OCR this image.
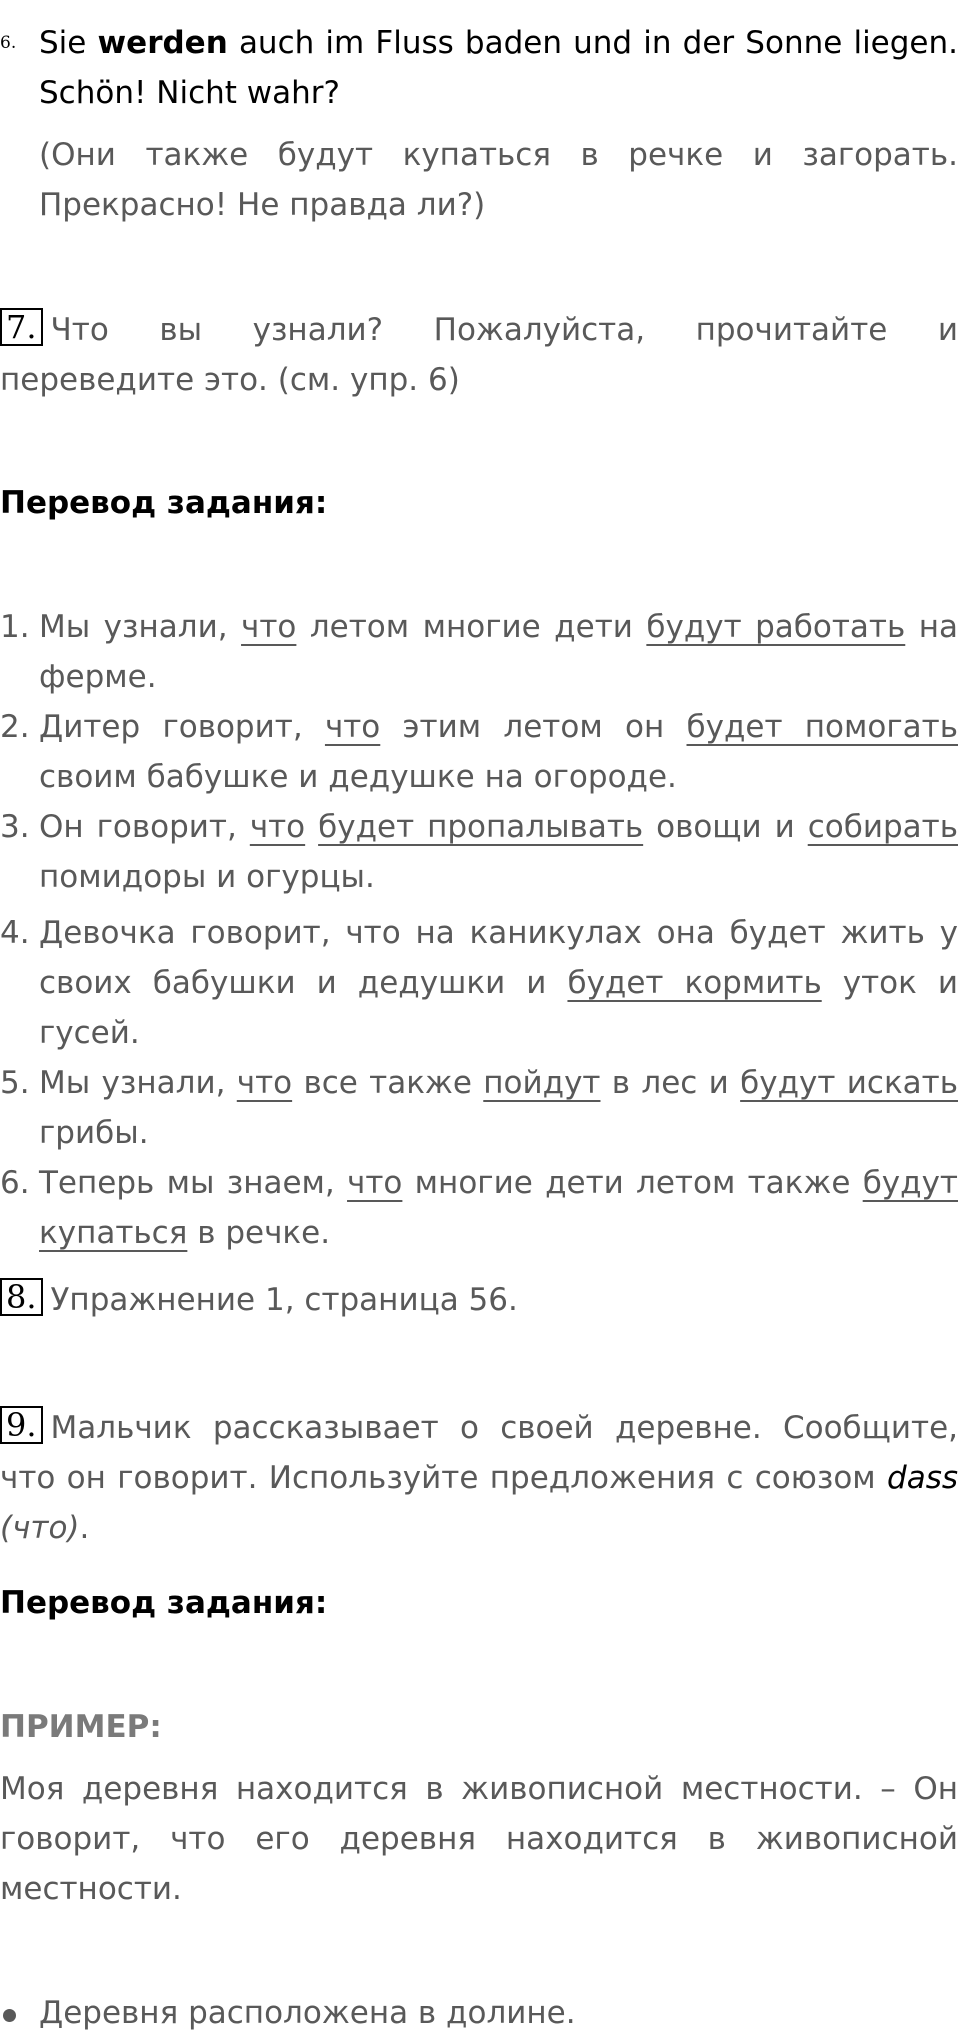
6. Sie werden auch im Fluss baden und in der Sonne liegen. Schön! Nicht wahr?
(Они также будут купаться в речке и загорать. Прекрасно! Не правда ли?)
7. Что вы узнали? Пожалуйста, прочитайте и переведите это. (см. упр. 6)
Перевод задания:
1. Мы узнали, что летом многие дети будут работать на ферме.
2. Дитер говорит, что этим летом он будет помогать своим бабушке и дедушке на огороде.
3. Он говорит, что будет пропалывать овощи и собирать помидоры и огурцы.
4. Девочка говорит, что на каникулах она будет жить у своих бабушки и дедушки и будет кормить уток и гусей.
5. Мы узнали, что все также пойдут в лес и будут искать грибы.
6. Теперь мы знаем, что многие дети летом также будут купаться в речке.
8. Упражнение 1, страница 56.
9. Мальчик рассказывает о своей деревне. Сообщите, что он говорит. Используйте предложения с союзом dass (что).
Перевод задания:
ПРИМЕР:
Моя деревня находится в живописной местности. – Он говорит, что его деревня находится в живописной местности.
Деревня расположена в долине.
